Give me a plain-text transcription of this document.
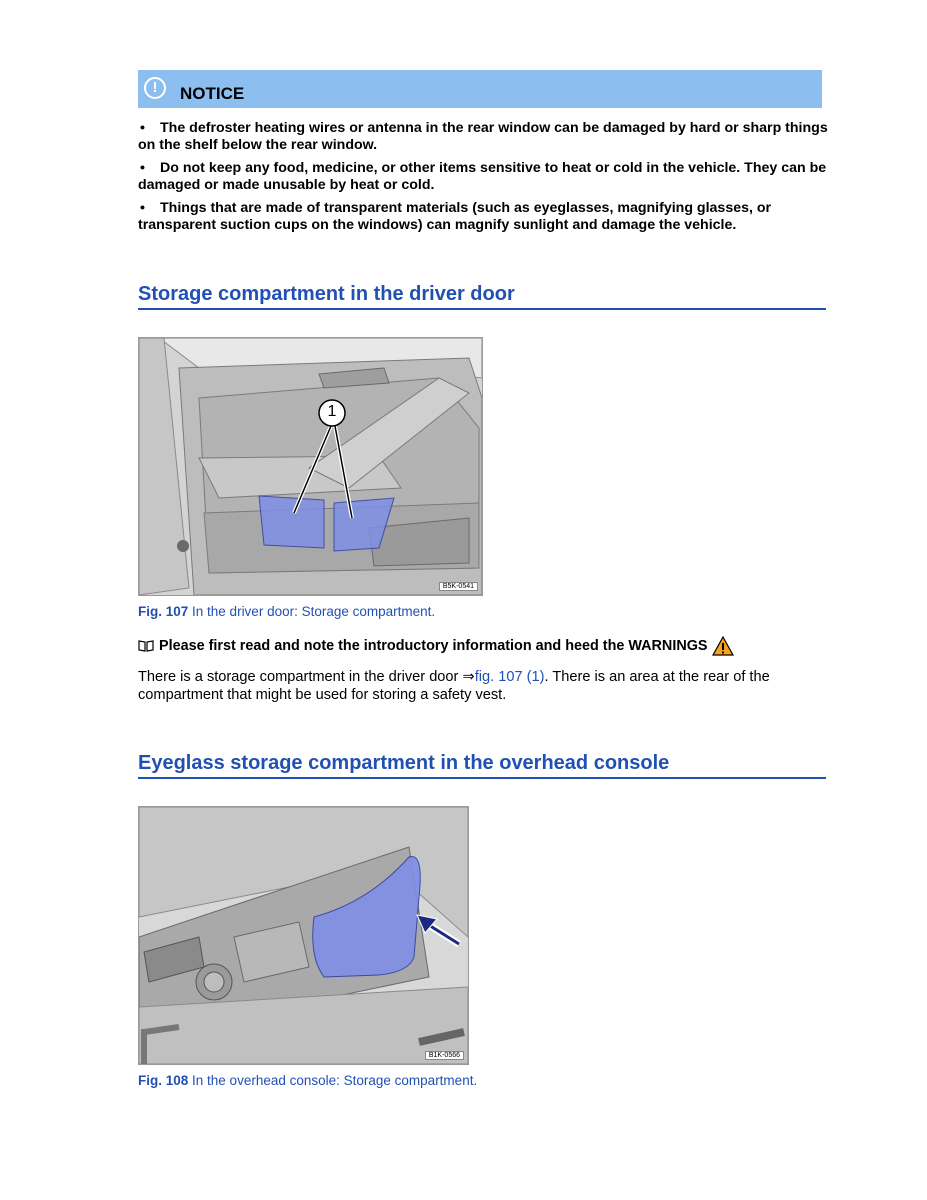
!	NOTICE
• The defroster heating wires or antenna in the rear window can be damaged by hard or sharp things on the shelf below the rear window.
• Do not keep any food, medicine, or other items sensitive to heat or cold in the vehicle. They can be damaged or made unusable by heat or cold.
• Things that are made of transparent materials (such as eyeglasses, magnifying glasses, or transparent suction cups on the windows) can magnify sunlight and damage the vehicle.
Storage compartment in the driver door
1
B5K-0541
Fig. 107 In the driver door: Storage compartment.
Please first read and note the introductory information and heed the WARNINGS
There is a storage compartment in the driver door ⇒fig. 107 (1). There is an area at the rear of the compartment that might be used for storing a safety vest.
Eyeglass storage compartment in the overhead console
B1K-0566
Fig. 108 In the overhead console: Storage compartment.
